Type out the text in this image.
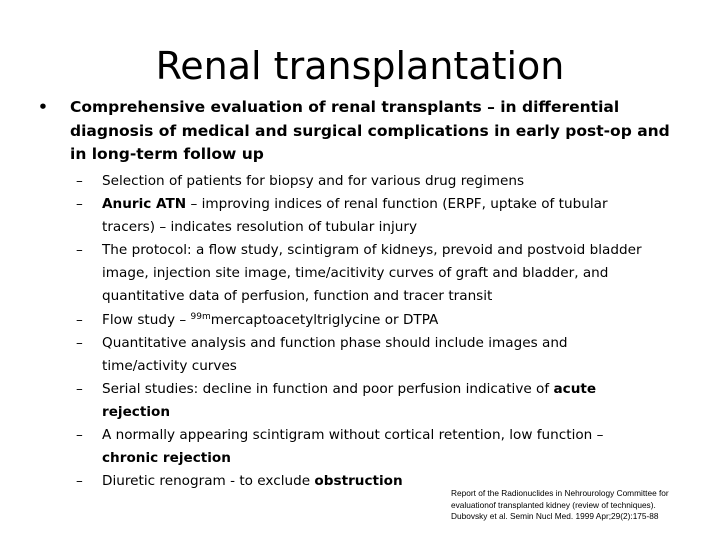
Renal transplantation
• Comprehensive evaluation of renal transplants – in differential diagnosis of medical and surgical complications in early post-op and in long-term follow up
– Selection of patients for biopsy and for various drug regimens
– Anuric ATN – improving indices of renal function (ERPF, uptake of tubular tracers) – indicates resolution of tubular injury
– The protocol: a flow study, scintigram of kidneys, prevoid and postvoid bladder image, injection site image, time/acitivity curves of graft and bladder, and quantitative data of perfusion, function and tracer transit
– Flow study – $^{99m}$mercaptoacetyltriglycine or DTPA
– Quantitative analysis and function phase should include images and time/activity curves
– Serial studies: decline in function and poor perfusion indicative of acute rejection
– A normally appearing scintigram without cortical retention, low function – chronic rejection
– Diuretic renogram - to exclude obstruction
Report of the Radionuclides in Nehrourology Committee for
evaluationof transplanted kidney (review of techniques).
Dubovsky et al. Semin Nucl Med. 1999 Apr;29(2):175-88
